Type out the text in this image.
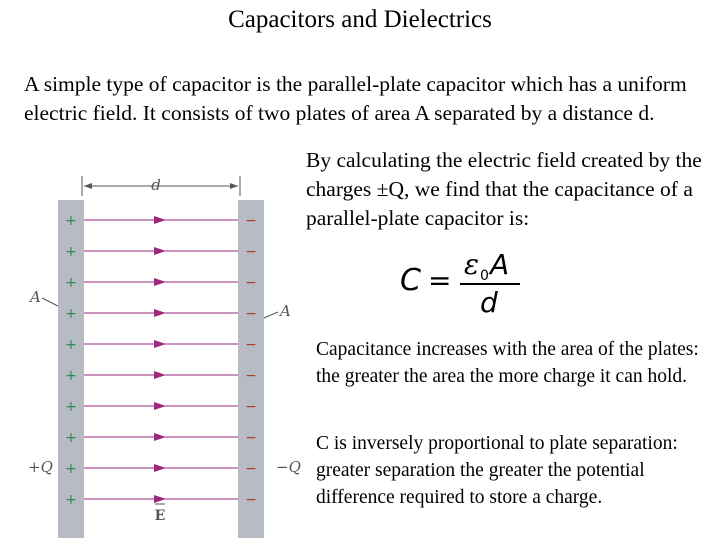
Capacitors and Dielectrics

A simple type of capacitor is the parallel-plate capacitor which has a uniform electric field. It consists of two plates of area A separated by a distance d.

By calculating the electric field created by the charges ±Q, we find that the capacitance of a parallel-plate capacitor is:

C = ε 0 A
d
d
+
+
+
+
+
+
+
+
+
+
−
−
−
−
−
−
−
−
−
−
A
A
+Q	−Q
E

Capacitance increases with the area of the plates: the greater the area the more charge it can hold.

C is inversely proportional to plate separation: greater separation the greater the potential difference required to store a charge.
